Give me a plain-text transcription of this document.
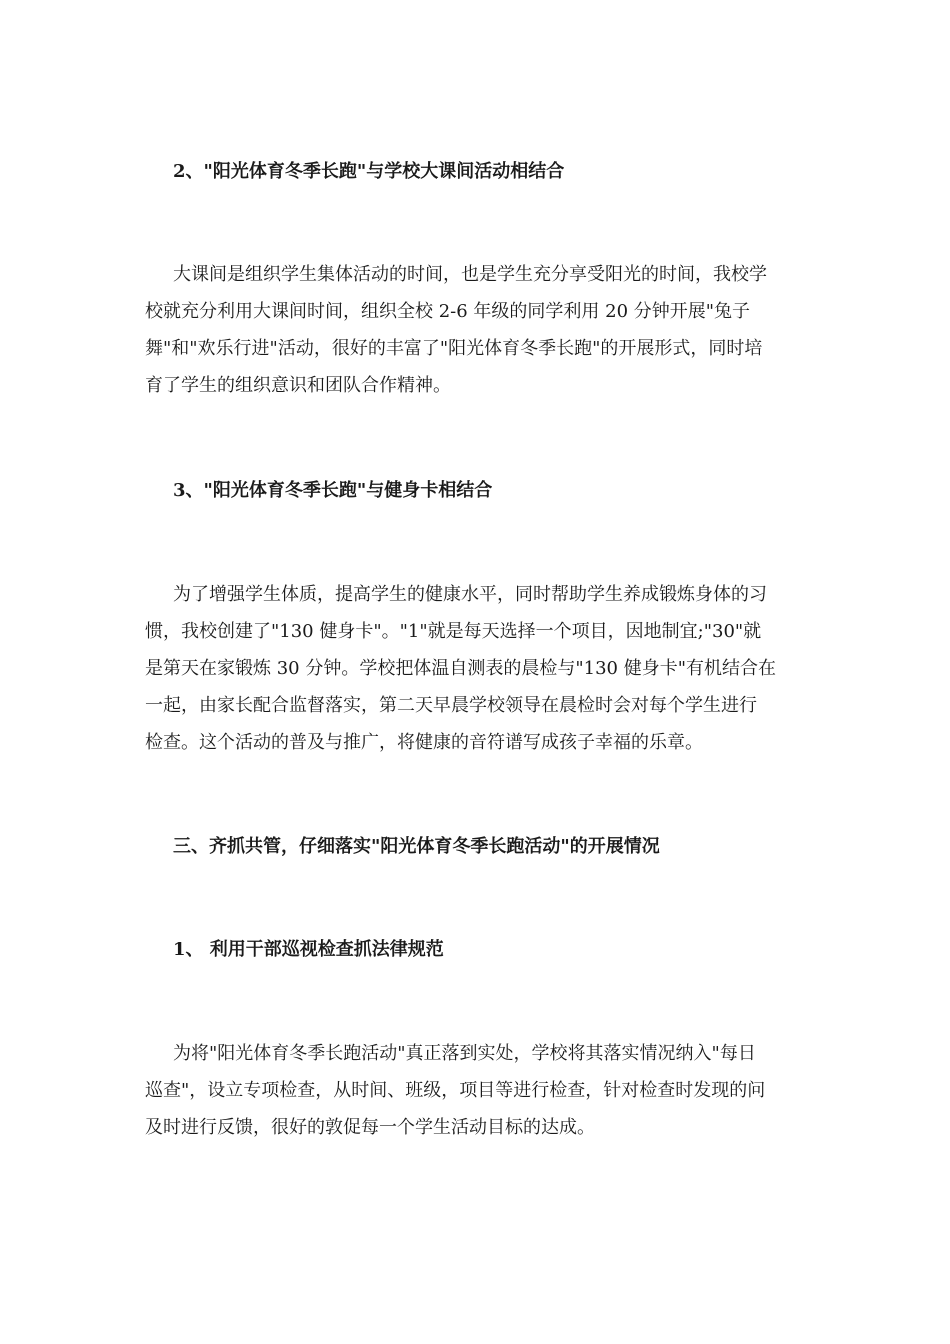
2、"阳光体育冬季长跑"与学校大课间活动相结合

大课间是组织学生集体活动的时间，也是学生充分享受阳光的时间，我校学
校就充分利用大课间时间，组织全校 2-6 年级的同学利用 20 分钟开展"兔子
舞"和"欢乐行进"活动，很好的丰富了"阳光体育冬季长跑"的开展形式，同时培
育了学生的组织意识和团队合作精神。

3、"阳光体育冬季长跑"与健身卡相结合

为了增强学生体质，提高学生的健康水平，同时帮助学生养成锻炼身体的习
惯，我校创建了"130 健身卡"。"1"就是每天选择一个项目，因地制宜;"30"就
是第天在家锻炼 30 分钟。学校把体温自测表的晨检与"130 健身卡"有机结合在
一起，由家长配合监督落实，第二天早晨学校领导在晨检时会对每个学生进行
检查。这个活动的普及与推广，将健康的音符谱写成孩子幸福的乐章。

三、齐抓共管，仔细落实"阳光体育冬季长跑活动"的开展情况
1、 利用干部巡视检查抓法律规范

为将"阳光体育冬季长跑活动"真正落到实处，学校将其落实情况纳入"每日
巡查"，设立专项检查，从时间、班级，项目等进行检查，针对检查时发现的问
及时进行反馈，很好的敦促每一个学生活动目标的达成。
